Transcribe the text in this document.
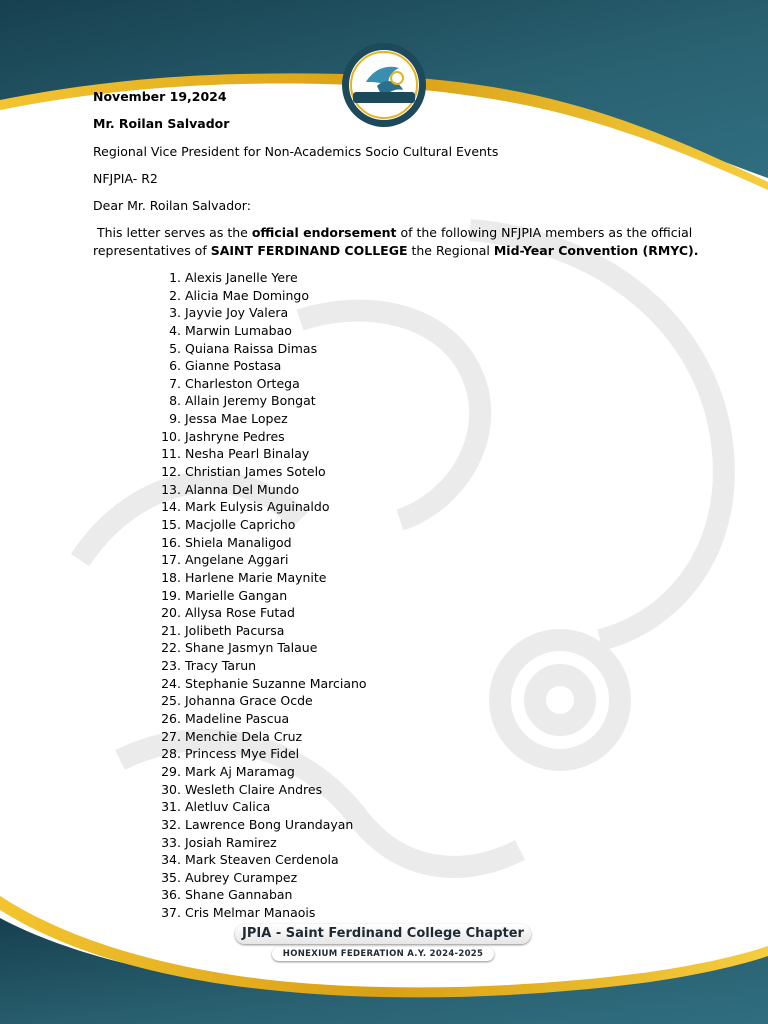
November 19,2024
Mr. Roilan Salvador
Regional Vice President for Non-Academics Socio Cultural Events
NFJPIA- R2
Dear Mr. Roilan Salvador:
This letter serves as the official endorsement of the following NFJPIA members as the official
representatives of SAINT FERDINAND COLLEGE the Regional Mid-Year Convention (RMYC).
1. Alexis Janelle Yere
2. Alicia Mae Domingo
3. Jayvie Joy Valera
4. Marwin Lumabao
5. Quiana Raissa Dimas
6. Gianne Postasa
7. Charleston Ortega
8. Allain Jeremy Bongat
9. Jessa Mae Lopez
10. Jashryne Pedres
11. Nesha Pearl Binalay
12. Christian James Sotelo
13. Alanna Del Mundo
14. Mark Eulysis Aguinaldo
15. Macjolle Capricho
16. Shiela Manaligod
17. Angelane Aggari
18. Harlene Marie Maynite
19. Marielle Gangan
20. Allysa Rose Futad
21. Jolibeth Pacursa
22. Shane Jasmyn Talaue
23. Tracy Tarun
24. Stephanie Suzanne Marciano
25. Johanna Grace Ocde
26. Madeline Pascua
27. Menchie Dela Cruz
28. Princess Mye Fidel
29. Mark Aj Maramag
30. Wesleth Claire Andres
31. Aletluv Calica
32. Lawrence Bong Urandayan
33. Josiah Ramirez
34. Mark Steaven Cerdenola
35. Aubrey Curampez
36. Shane Gannaban
37. Cris Melmar Manaois
JPIA - Saint Ferdinand College Chapter
HONEXIUM FEDERATION A.Y. 2024-2025
